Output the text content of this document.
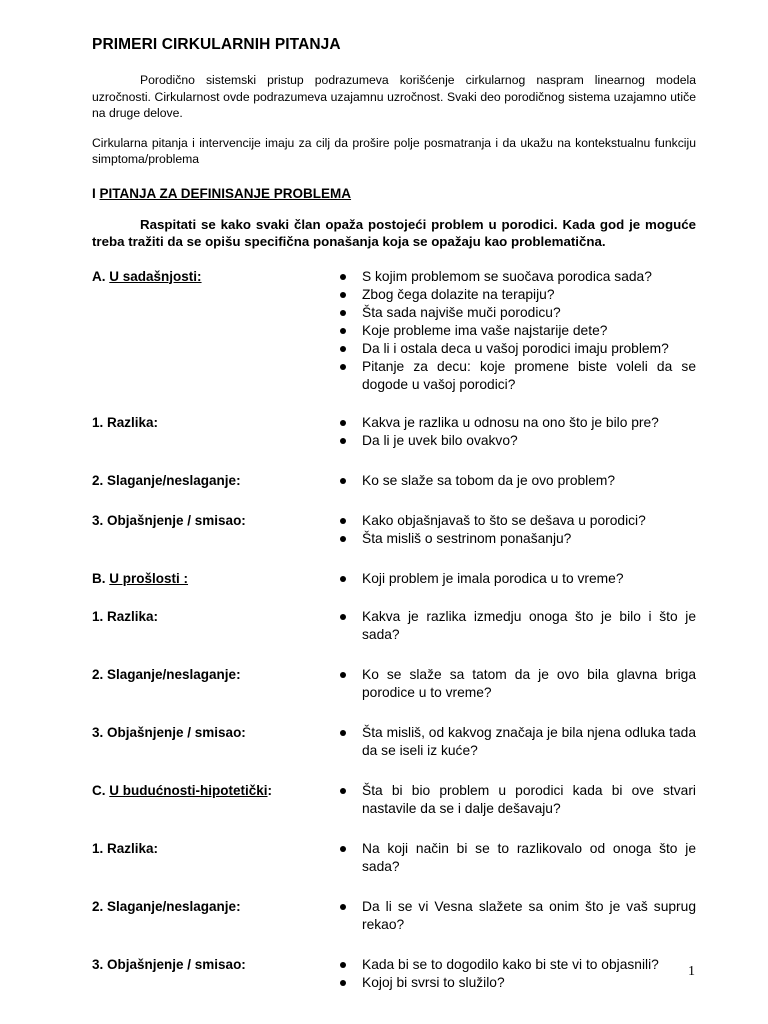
PRIMERI CIRKULARNIH PITANJA

Porodično sistemski pristup podrazumeva korišćenje cirkularnog naspram linearnog modela uzročnosti. Cirkularnost ovde podrazumeva uzajamnu uzročnost. Svaki deo porodičnog sistema uzajamno utiče na druge delove.

Cirkularna pitanja i intervencije imaju za cilj da prošire polje posmatranja i da ukažu na kontekstualnu funkciju simptoma/problema

I PITANJA ZA DEFINISANJE PROBLEMA

Raspitati se kako svaki član opaža postojeći problem u porodici. Kada god je moguće treba tražiti da se opišu specifična ponašanja koja se opažaju kao problematična.

A. U sadašnjosti:	S kojim problemom se suočava porodica sada?
Zbog čega dolazite na terapiju?
Šta sada najviše muči porodicu?
Koje probleme ima vaše najstarije dete?
Da li i ostala deca u vašoj porodici imaju problem?
Pitanje za decu: koje promene biste voleli da se dogode u vašoj porodici?
1. Razlika:	Kakva je razlika u odnosu na ono što je bilo pre?
Da li je uvek bilo ovakvo?
2. Slaganje/neslaganje:	Ko se slaže sa tobom da je ovo problem?
3. Objašnjenje / smisao:	Kako objašnjavaš to što se dešava u porodici?
Šta misliš o sestrinom ponašanju?
B. U prošlosti :	Koji problem je imala porodica u to vreme?
1. Razlika:	Kakva je razlika izmedju onoga što je bilo i što je sada?
2. Slaganje/neslaganje:	Ko se slaže sa tatom da je ovo bila glavna briga porodice u to vreme?
3. Objašnjenje / smisao:	Šta misliš, od kakvog značaja je bila njena odluka tada da se iseli iz kuće?
C. U budućnosti-hipotetički:	Šta bi bio problem u porodici kada bi ove stvari nastavile da se i dalje dešavaju?
1. Razlika:	Na koji način bi se to razlikovalo od onoga što je sada?
2. Slaganje/neslaganje:	Da li se vi Vesna slažete sa onim što je vaš suprug rekao?
3. Objašnjenje / smisao:	Kada bi se to dogodilo kako bi ste vi to objasnili?
Kojoj bi svrsi to služilo?
1
